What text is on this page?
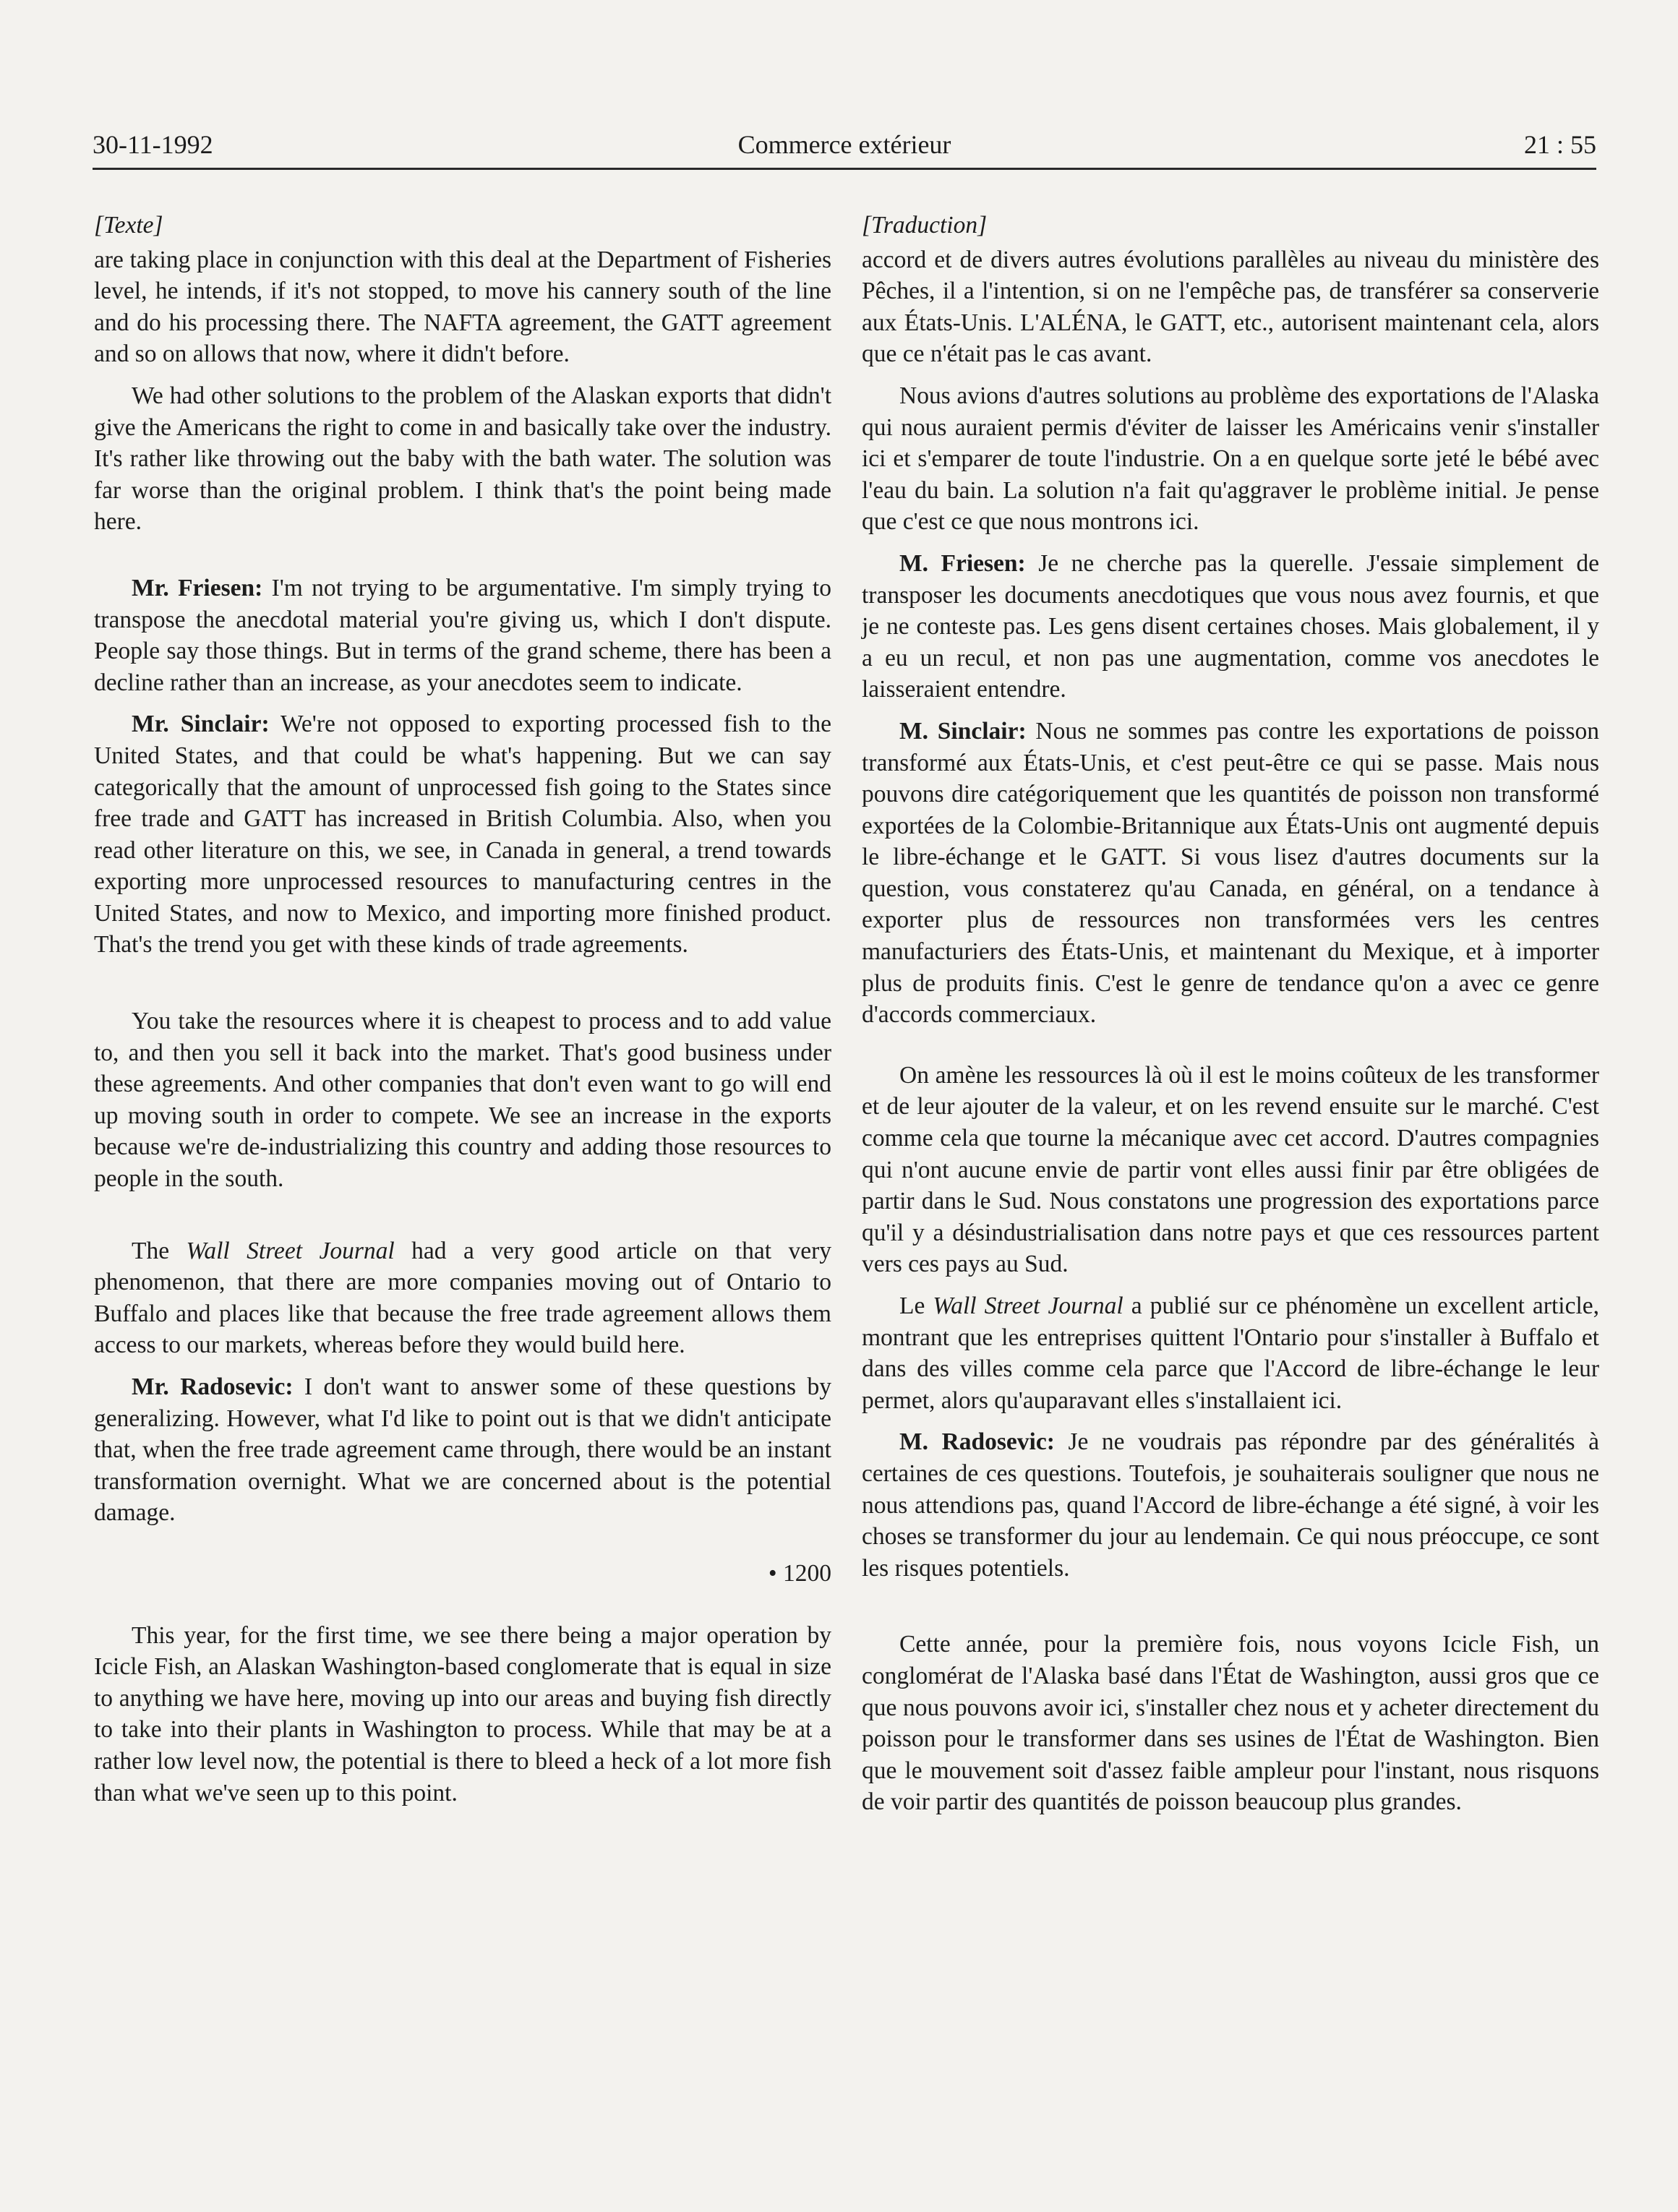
30-11-1992	Commerce extérieur	21 : 55
[Texte]

are taking place in conjunction with this deal at the Department of Fisheries level, he intends, if it's not stopped, to move his cannery south of the line and do his processing there. The NAFTA agreement, the GATT agreement and so on allows that now, where it didn't before.

We had other solutions to the problem of the Alaskan exports that didn't give the Americans the right to come in and basically take over the industry. It's rather like throwing out the baby with the bath water. The solution was far worse than the original problem. I think that's the point being made here.

Mr. Friesen: I'm not trying to be argumentative. I'm simply trying to transpose the anecdotal material you're giving us, which I don't dispute. People say those things. But in terms of the grand scheme, there has been a decline rather than an increase, as your anecdotes seem to indicate.

Mr. Sinclair: We're not opposed to exporting processed fish to the United States, and that could be what's happening. But we can say categorically that the amount of unprocessed fish going to the States since free trade and GATT has increased in British Columbia. Also, when you read other literature on this, we see, in Canada in general, a trend towards exporting more unprocessed resources to manufacturing centres in the United States, and now to Mexico, and importing more finished product. That's the trend you get with these kinds of trade agreements.

You take the resources where it is cheapest to process and to add value to, and then you sell it back into the market. That's good business under these agreements. And other companies that don't even want to go will end up moving south in order to compete. We see an increase in the exports because we're de-industrializing this country and adding those resources to people in the south.

The Wall Street Journal had a very good article on that very phenomenon, that there are more companies moving out of Ontario to Buffalo and places like that because the free trade agreement allows them access to our markets, whereas before they would build here.

Mr. Radosevic: I don't want to answer some of these questions by generalizing. However, what I'd like to point out is that we didn't anticipate that, when the free trade agreement came through, there would be an instant transformation overnight. What we are concerned about is the potential damage.

• 1200

This year, for the first time, we see there being a major operation by Icicle Fish, an Alaskan Washington-based conglomerate that is equal in size to anything we have here, moving up into our areas and buying fish directly to take into their plants in Washington to process. While that may be at a rather low level now, the potential is there to bleed a heck of a lot more fish than what we've seen up to this point.

[Traduction]

accord et de divers autres évolutions parallèles au niveau du ministère des Pêches, il a l'intention, si on ne l'empêche pas, de transférer sa conserverie aux États-Unis. L'ALÉNA, le GATT, etc., autorisent maintenant cela, alors que ce n'était pas le cas avant.

Nous avions d'autres solutions au problème des exportations de l'Alaska qui nous auraient permis d'éviter de laisser les Américains venir s'installer ici et s'emparer de toute l'industrie. On a en quelque sorte jeté le bébé avec l'eau du bain. La solution n'a fait qu'aggraver le problème initial. Je pense que c'est ce que nous montrons ici.

M. Friesen: Je ne cherche pas la querelle. J'essaie simplement de transposer les documents anecdotiques que vous nous avez fournis, et que je ne conteste pas. Les gens disent certaines choses. Mais globalement, il y a eu un recul, et non pas une augmentation, comme vos anecdotes le laisseraient entendre.

M. Sinclair: Nous ne sommes pas contre les exportations de poisson transformé aux États-Unis, et c'est peut-être ce qui se passe. Mais nous pouvons dire catégoriquement que les quantités de poisson non transformé exportées de la Colombie-Britannique aux États-Unis ont augmenté depuis le libre-échange et le GATT. Si vous lisez d'autres documents sur la question, vous constaterez qu'au Canada, en général, on a tendance à exporter plus de ressources non transformées vers les centres manufacturiers des États-Unis, et maintenant du Mexique, et à importer plus de produits finis. C'est le genre de tendance qu'on a avec ce genre d'accords commerciaux.

On amène les ressources là où il est le moins coûteux de les transformer et de leur ajouter de la valeur, et on les revend ensuite sur le marché. C'est comme cela que tourne la mécanique avec cet accord. D'autres compagnies qui n'ont aucune envie de partir vont elles aussi finir par être obligées de partir dans le Sud. Nous constatons une progression des exportations parce qu'il y a désindustrialisation dans notre pays et que ces ressources partent vers ces pays au Sud.

Le Wall Street Journal a publié sur ce phénomène un excellent article, montrant que les entreprises quittent l'Ontario pour s'installer à Buffalo et dans des villes comme cela parce que l'Accord de libre-échange le leur permet, alors qu'auparavant elles s'installaient ici.

M. Radosevic: Je ne voudrais pas répondre par des généralités à certaines de ces questions. Toutefois, je souhaiterais souligner que nous ne nous attendions pas, quand l'Accord de libre-échange a été signé, à voir les choses se transformer du jour au lendemain. Ce qui nous préoccupe, ce sont les risques potentiels.

Cette année, pour la première fois, nous voyons Icicle Fish, un conglomérat de l'Alaska basé dans l'État de Washington, aussi gros que ce que nous pouvons avoir ici, s'installer chez nous et y acheter directement du poisson pour le transformer dans ses usines de l'État de Washington. Bien que le mouvement soit d'assez faible ampleur pour l'instant, nous risquons de voir partir des quantités de poisson beaucoup plus grandes.
